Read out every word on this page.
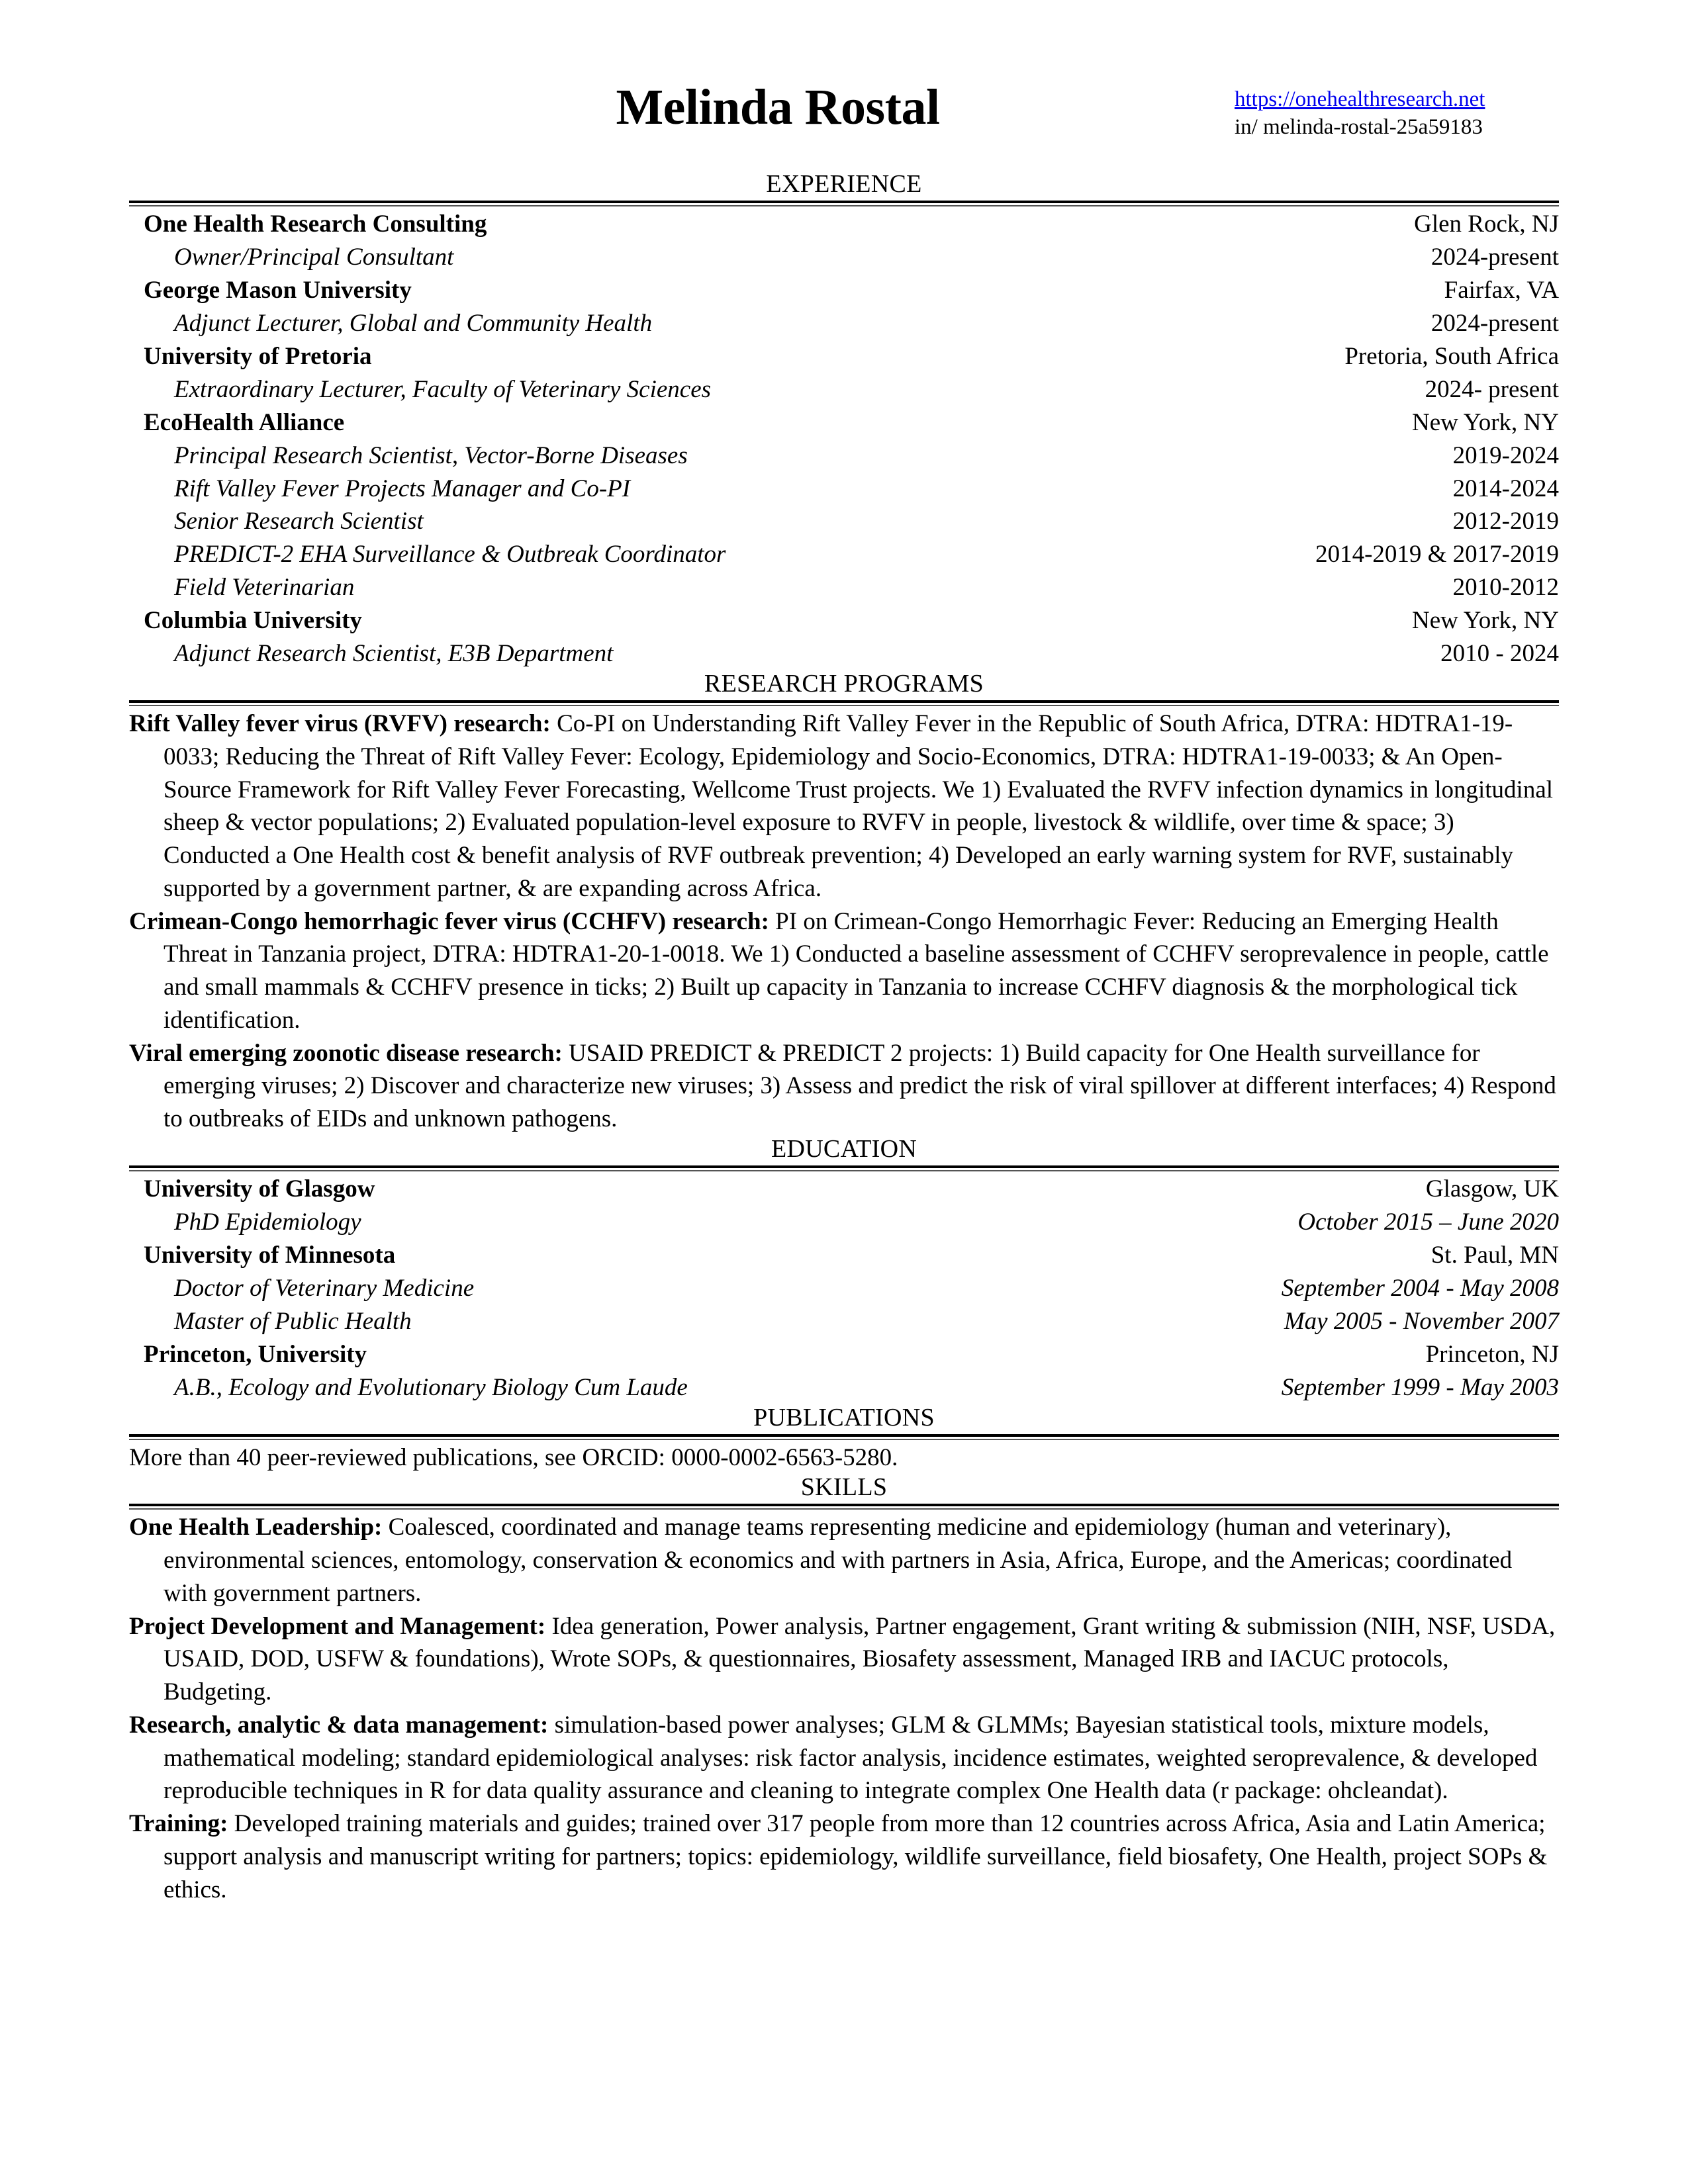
Melinda Rostal	https://onehealthresearch.net
in/ melinda-rostal-25a59183
EXPERIENCE
One Health Research Consulting	Glen Rock, NJ
Owner/Principal Consultant	2024-present
George Mason University	Fairfax, VA
Adjunct Lecturer, Global and Community Health	2024-present
University of Pretoria	Pretoria, South Africa
Extraordinary Lecturer, Faculty of Veterinary Sciences	2024- present
EcoHealth Alliance	New York, NY
Principal Research Scientist, Vector-Borne Diseases	2019-2024
Rift Valley Fever Projects Manager and Co-PI	2014-2024
Senior Research Scientist	2012-2019
PREDICT-2 EHA Surveillance & Outbreak Coordinator	2014-2019 & 2017-2019
Field Veterinarian	2010-2012
Columbia University	New York, NY
Adjunct Research Scientist, E3B Department	2010 - 2024
RESEARCH PROGRAMS

Rift Valley fever virus (RVFV) research: Co-PI on Understanding Rift Valley Fever in the Republic of South Africa, DTRA: HDTRA1-19-0033; Reducing the Threat of Rift Valley Fever: Ecology, Epidemiology and Socio-Economics, DTRA: HDTRA1-19-0033; & An Open-Source Framework for Rift Valley Fever Forecasting, Wellcome Trust projects. We 1) Evaluated the RVFV infection dynamics in longitudinal sheep & vector populations; 2) Evaluated population-level exposure to RVFV in people, livestock & wildlife, over time & space; 3) Conducted a One Health cost & benefit analysis of RVF outbreak prevention; 4) Developed an early warning system for RVF, sustainably supported by a government partner, & are expanding across Africa.

Crimean-Congo hemorrhagic fever virus (CCHFV) research: PI on Crimean-Congo Hemorrhagic Fever: Reducing an Emerging Health Threat in Tanzania project, DTRA: HDTRA1-20-1-0018. We 1) Conducted a baseline assessment of CCHFV seroprevalence in people, cattle and small mammals & CCHFV presence in ticks; 2) Built up capacity in Tanzania to increase CCHFV diagnosis & the morphological tick identification.

Viral emerging zoonotic disease research: USAID PREDICT & PREDICT 2 projects: 1) Build capacity for One Health surveillance for emerging viruses; 2) Discover and characterize new viruses; 3) Assess and predict the risk of viral spillover at different interfaces; 4) Respond to outbreaks of EIDs and unknown pathogens.

EDUCATION
University of Glasgow	Glasgow, UK
PhD Epidemiology	October 2015 – June 2020
University of Minnesota	St. Paul, MN
Doctor of Veterinary Medicine	September 2004 - May 2008
Master of Public Health	May 2005 - November 2007
Princeton, University	Princeton, NJ
A.B., Ecology and Evolutionary Biology Cum Laude	September 1999 - May 2003
PUBLICATIONS

More than 40 peer-reviewed publications, see ORCID: 0000-0002-6563-5280.

SKILLS

One Health Leadership: Coalesced, coordinated and manage teams representing medicine and epidemiology (human and veterinary), environmental sciences, entomology, conservation & economics and with partners in Asia, Africa, Europe, and the Americas; coordinated with government partners.

Project Development and Management: Idea generation, Power analysis, Partner engagement, Grant writing & submission (NIH, NSF, USDA, USAID, DOD, USFW & foundations), Wrote SOPs, & questionnaires, Biosafety assessment, Managed IRB and IACUC protocols, Budgeting.

Research, analytic & data management: simulation-based power analyses; GLM & GLMMs; Bayesian statistical tools, mixture models, mathematical modeling; standard epidemiological analyses: risk factor analysis, incidence estimates, weighted seroprevalence, & developed reproducible techniques in R for data quality assurance and cleaning to integrate complex One Health data (r package: ohcleandat).

Training: Developed training materials and guides; trained over 317 people from more than 12 countries across Africa, Asia and Latin America; support analysis and manuscript writing for partners; topics: epidemiology, wildlife surveillance, field biosafety, One Health, project SOPs & ethics.
